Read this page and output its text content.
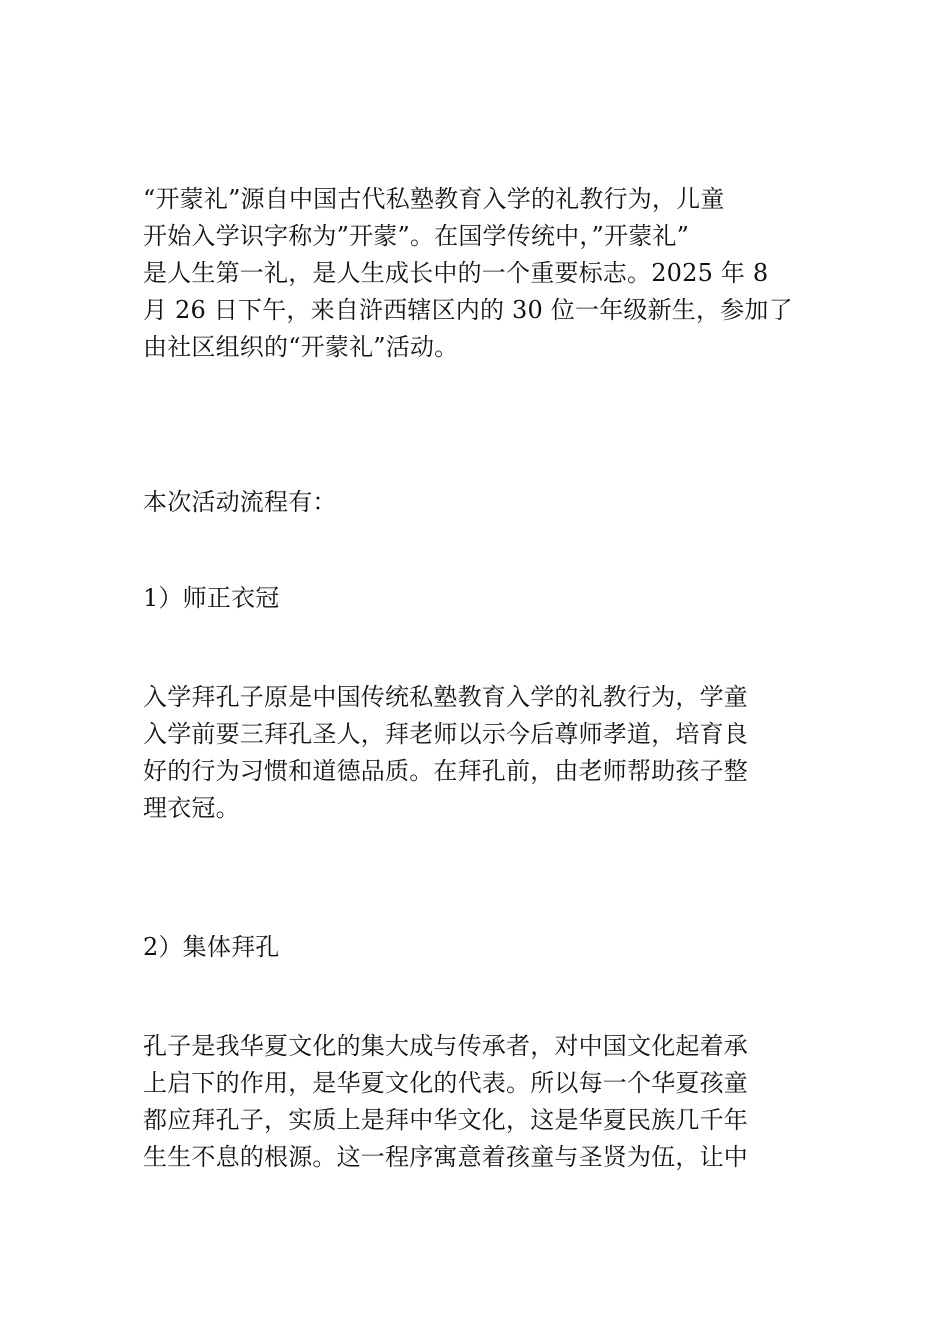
“开蒙礼”源自中国古代私塾教育入学的礼教行为，儿童
开始入学识字称为”开蒙”。在国学传统中，”开蒙礼”
是人生第一礼，是人生成长中的一个重要标志。2025 年 8
月 26 日下午，来自浒西辖区内的 30 位一年级新生，参加了
由社区组织的“开蒙礼”活动。

本次活动流程有：

1）师正衣冠

入学拜孔子原是中国传统私塾教育入学的礼教行为，学童
入学前要三拜孔圣人，拜老师以示今后尊师孝道，培育良
好的行为习惯和道德品质。在拜孔前，由老师帮助孩子整
理衣冠。

2）集体拜孔

孔子是我华夏文化的集大成与传承者，对中国文化起着承
上启下的作用，是华夏文化的代表。所以每一个华夏孩童
都应拜孔子，实质上是拜中华文化，这是华夏民族几千年
生生不息的根源。这一程序寓意着孩童与圣贤为伍，让中
